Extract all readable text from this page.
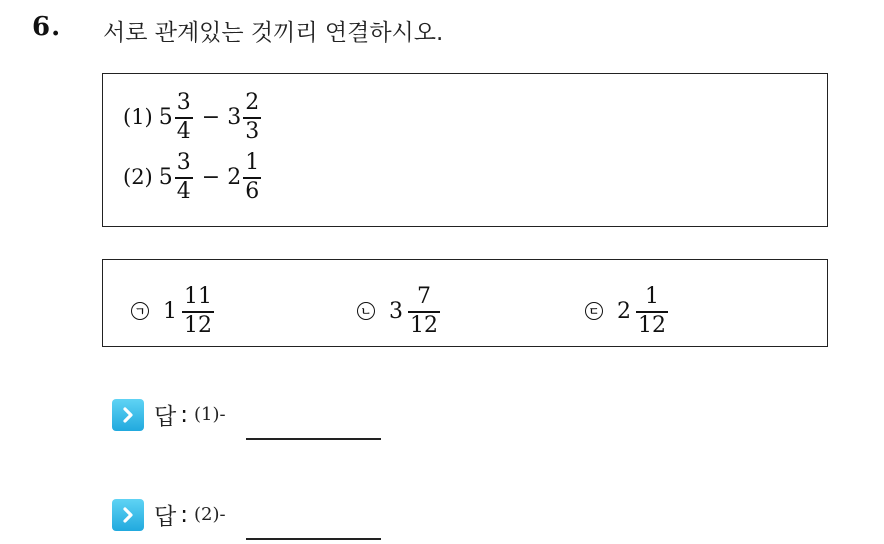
6. 서로 관계있는 것끼리 연결하시오.
(1) $5 \frac{3}{4} - 3 \frac{2}{3}$
(2) $5 \frac{3}{4} - 2 \frac{1}{6}$
ㄱ $1 \frac{11}{12}$	ㄴ $3 \frac{7}{12}$	ㄷ $2 \frac{1}{12}$
답 : (1)-
답 : (2)-
